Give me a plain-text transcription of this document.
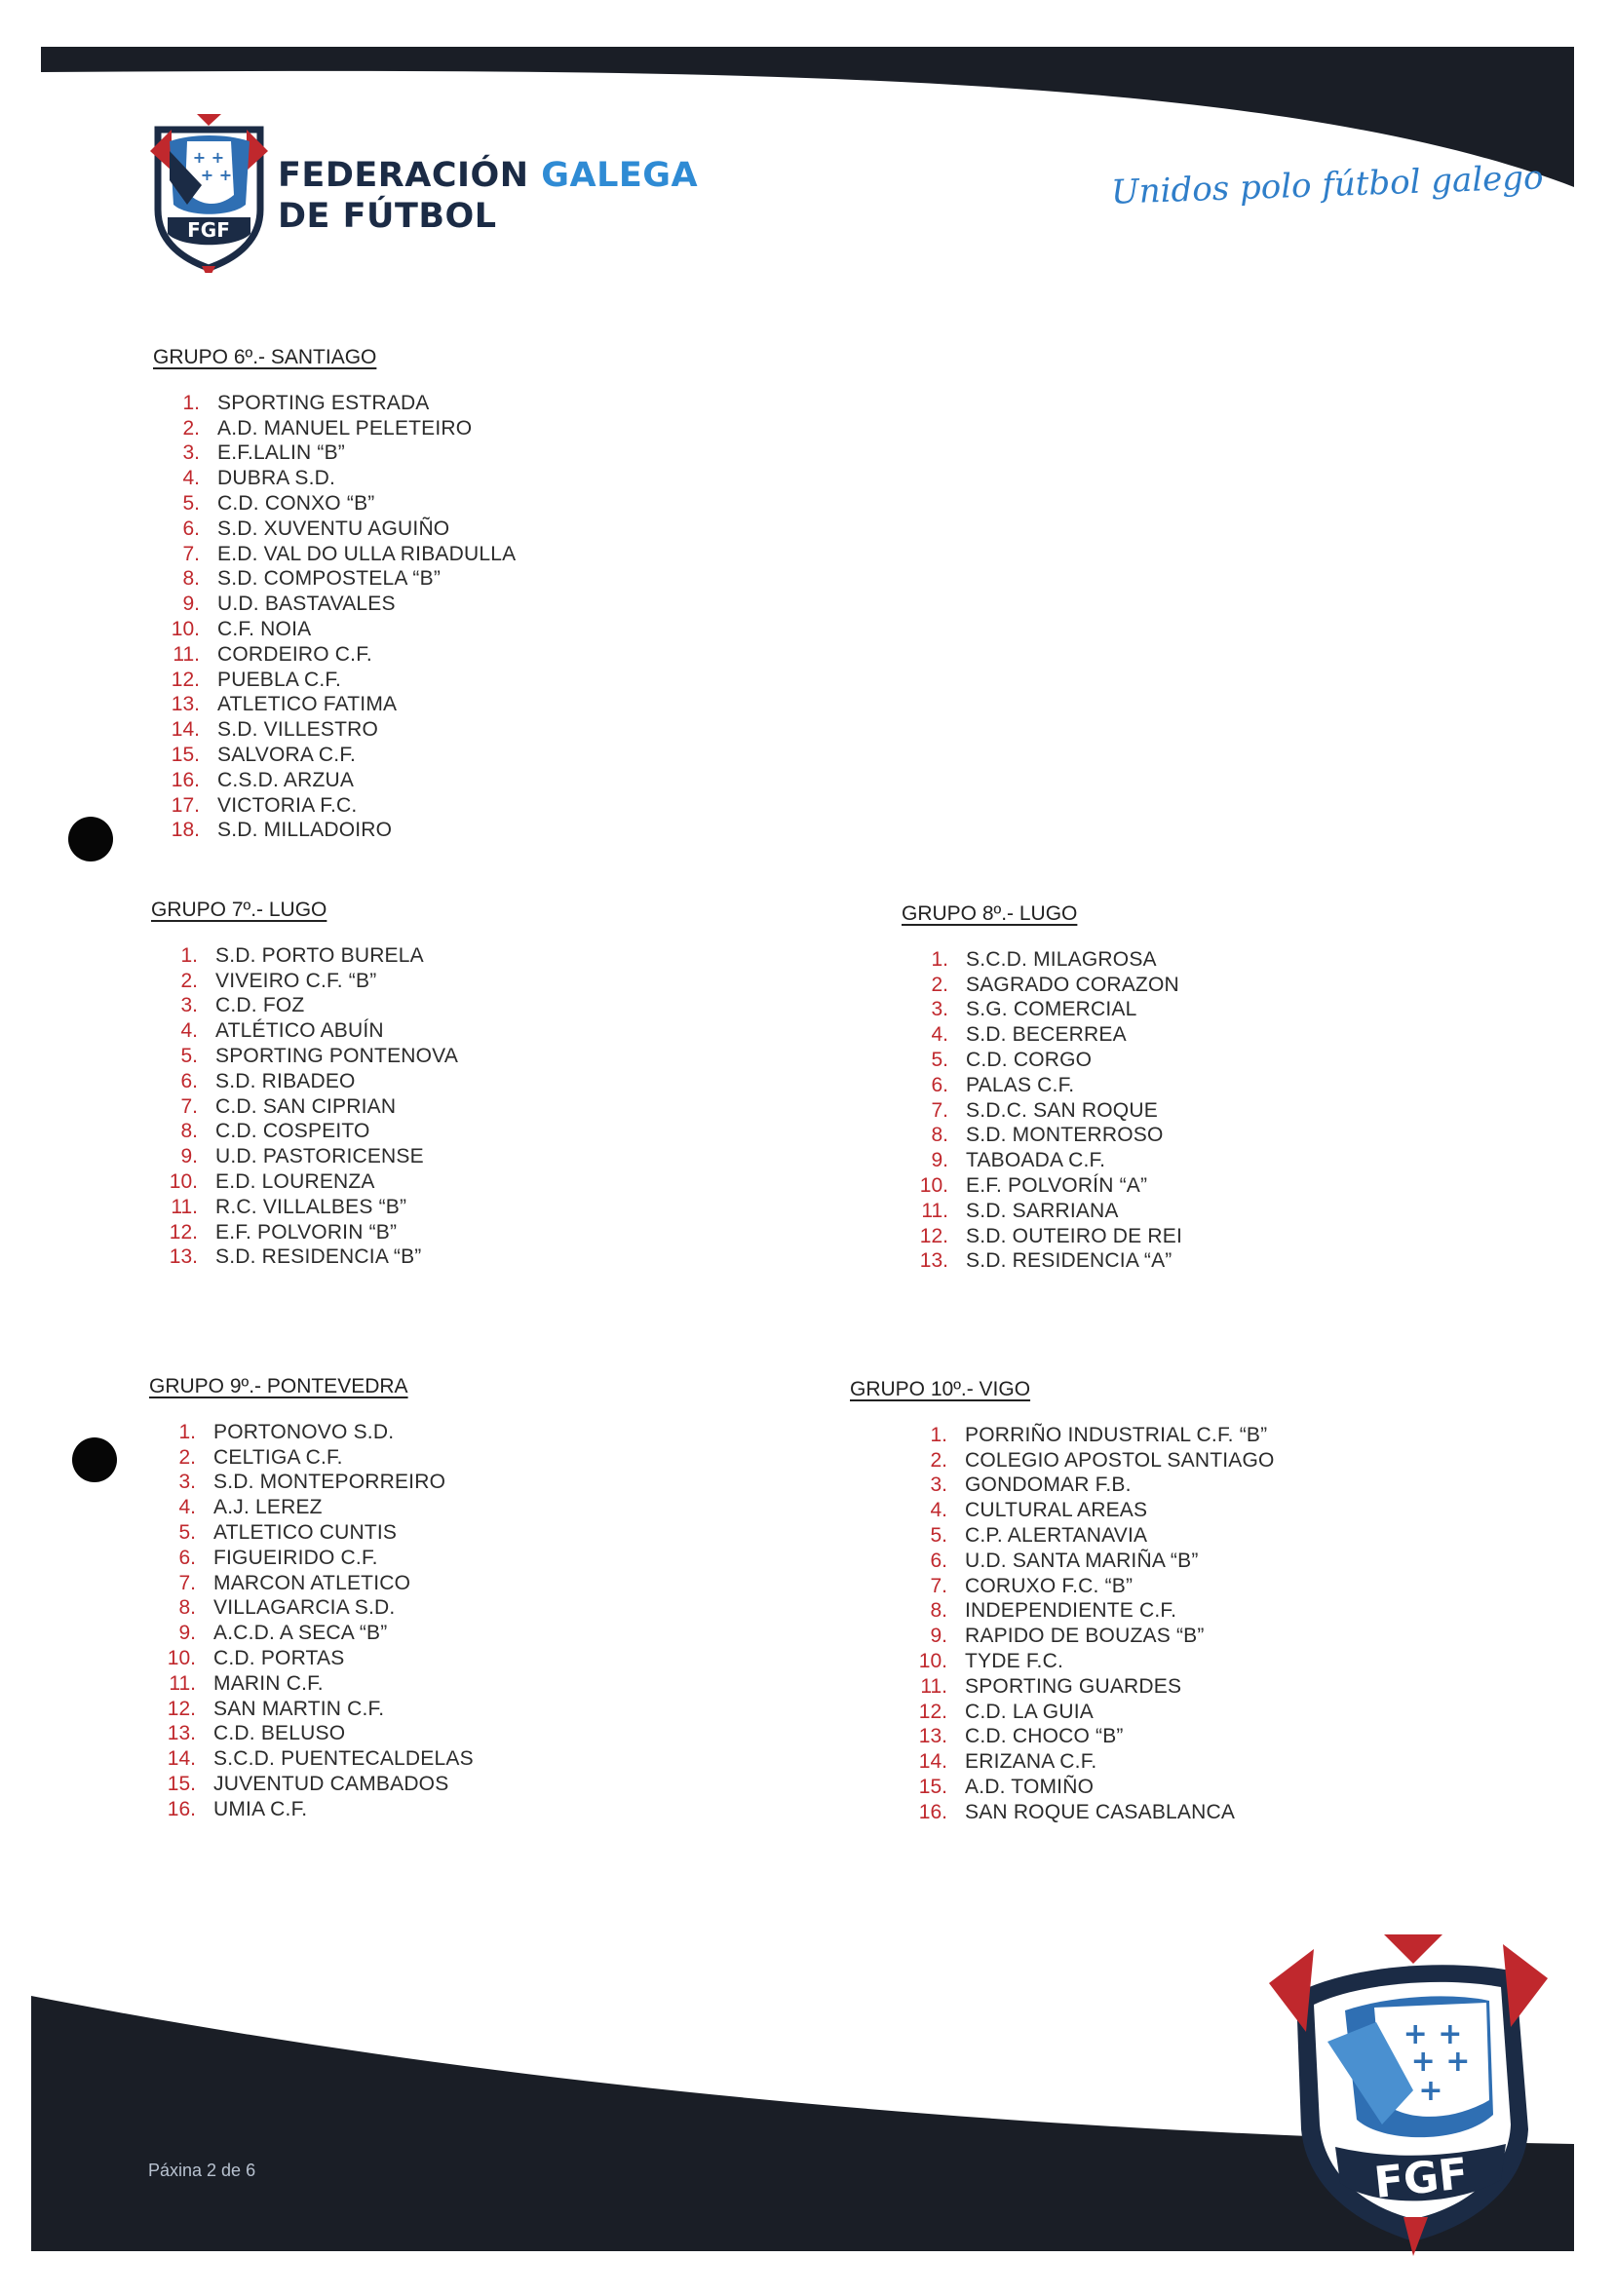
+ +
+ +
FGF
FEDERACIÓN GALEGA
DE FÚTBOL
Unidos polo fútbol galego
GRUPO 6º.- SANTIAGO
1. SPORTING ESTRADA
2. A.D. MANUEL PELETEIRO
3. E.F.LALIN “B”
4. DUBRA S.D.
5. C.D. CONXO “B”
6. S.D. XUVENTU AGUIÑO
7. E.D. VAL DO ULLA RIBADULLA
8. S.D. COMPOSTELA “B”
9. U.D. BASTAVALES
10. C.F. NOIA
11. CORDEIRO C.F.
12. PUEBLA C.F.
13. ATLETICO FATIMA
14. S.D. VILLESTRO
15. SALVORA C.F.
16. C.S.D. ARZUA
17. VICTORIA F.C.
18. S.D. MILLADOIRO
GRUPO 7º.- LUGO
1. S.D. PORTO BURELA
2. VIVEIRO C.F. “B”
3. C.D. FOZ
4. ATLÉTICO ABUÍN
5. SPORTING PONTENOVA
6. S.D. RIBADEO
7. C.D. SAN CIPRIAN
8. C.D. COSPEITO
9. U.D. PASTORICENSE
10. E.D. LOURENZA
11. R.C. VILLALBES “B”
12. E.F. POLVORIN “B”
13. S.D. RESIDENCIA “B”
GRUPO 8º.- LUGO
1. S.C.D. MILAGROSA
2. SAGRADO CORAZON
3. S.G. COMERCIAL
4. S.D. BECERREA
5. C.D. CORGO
6. PALAS C.F.
7. S.D.C. SAN ROQUE
8. S.D. MONTERROSO
9. TABOADA C.F.
10. E.F. POLVORÍN “A”
11. S.D. SARRIANA
12. S.D. OUTEIRO DE REI
13. S.D. RESIDENCIA “A”
GRUPO 9º.- PONTEVEDRA
1. PORTONOVO S.D.
2. CELTIGA C.F.
3. S.D. MONTEPORREIRO
4. A.J. LEREZ
5. ATLETICO CUNTIS
6. FIGUEIRIDO C.F.
7. MARCON ATLETICO
8. VILLAGARCIA S.D.
9. A.C.D. A SECA “B”
10. C.D. PORTAS
11. MARIN C.F.
12. SAN MARTIN C.F.
13. C.D. BELUSO
14. S.C.D. PUENTECALDELAS
15. JUVENTUD CAMBADOS
16. UMIA C.F.
GRUPO 10º.- VIGO
1. PORRIÑO INDUSTRIAL C.F. “B”
2. COLEGIO APOSTOL SANTIAGO
3. GONDOMAR F.B.
4. CULTURAL AREAS
5. C.P. ALERTANAVIA
6. U.D. SANTA MARIÑA “B”
7. CORUXO F.C. “B”
8. INDEPENDIENTE C.F.
9. RAPIDO DE BOUZAS “B”
10. TYDE F.C.
11. SPORTING GUARDES
12. C.D. LA GUIA
13. C.D. CHOCO “B”
14. ERIZANA C.F.
15. A.D. TOMIÑO
16. SAN ROQUE CASABLANCA
Páxina 2 de 6
+ +
+ +
+
FGF
